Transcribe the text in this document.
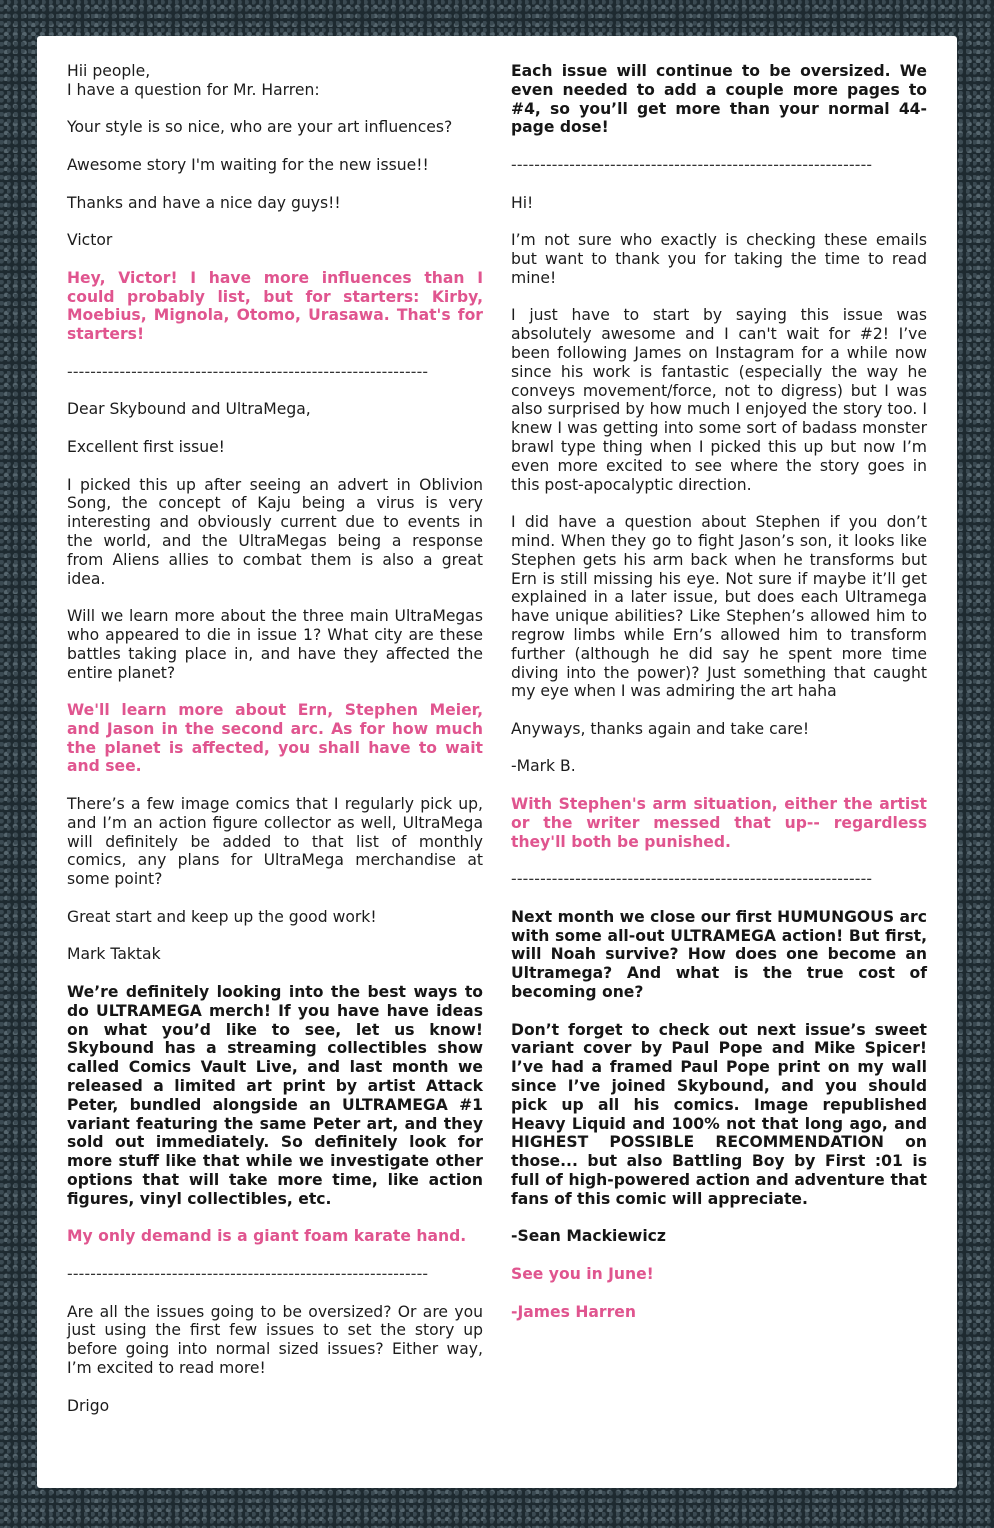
Hii people,

I have a question for Mr. Harren:

Your style is so nice, who are your art influences?

Awesome story I'm waiting for the new issue!!

Thanks and have a nice day guys!!

Victor

Hey, Victor! I have more influences than I could probably list, but for starters: Kirby, Moebius, Mignola, Otomo, Urasawa. That's for starters!

--------------------------------------------------------------

Dear Skybound and UltraMega,

Excellent first issue!

I picked this up after seeing an advert in Oblivion Song, the concept of Kaju being a virus is very interesting and obviously current due to events in the world, and the UltraMegas being a response from Aliens allies to combat them is also a great idea.

Will we learn more about the three main UltraMegas who appeared to die in issue 1? What city are these battles taking place in, and have they affected the entire planet?

We'll learn more about Ern, Stephen Meier, and Jason in the second arc. As for how much the planet is affected, you shall have to wait and see.

There’s a few image comics that I regularly pick up, and I’m an action figure collector as well, UltraMega will definitely be added to that list of monthly comics, any plans for UltraMega merchandise at some point?

Great start and keep up the good work!

Mark Taktak

We’re definitely looking into the best ways to do ULTRAMEGA merch! If you have have ideas on what you’d like to see, let us know! Skybound has a streaming collectibles show called Comics Vault Live, and last month we released a limited art print by artist Attack Peter, bundled alongside an ULTRAMEGA #1 variant featuring the same Peter art, and they sold out immediately. So definitely look for more stuff like that while we investigate other options that will take more time, like action figures, vinyl collectibles, etc.

My only demand is a giant foam karate hand.

--------------------------------------------------------------

Are all the issues going to be oversized? Or are you just using the first few issues to set the story up before going into normal sized issues? Either way, I’m excited to read more!

Drigo

Each issue will continue to be oversized. We even needed to add a couple more pages to #4, so you’ll get more than your normal 44-page dose!

--------------------------------------------------------------

Hi!

I’m not sure who exactly is checking these emails but want to thank you for taking the time to read mine!

I just have to start by saying this issue was absolutely awesome and I can't wait for #2! I’ve been following James on Instagram for a while now since his work is fantastic (especially the way he conveys movement/force, not to digress) but I was also surprised by how much I enjoyed the story too. I knew I was getting into some sort of badass monster brawl type thing when I picked this up but now I’m even more excited to see where the story goes in this post-apocalyptic direction.

I did have a question about Stephen if you don’t mind. When they go to fight Jason’s son, it looks like Stephen gets his arm back when he transforms but Ern is still missing his eye. Not sure if maybe it’ll get explained in a later issue, but does each Ultramega have unique abilities? Like Stephen’s allowed him to regrow limbs while Ern’s allowed him to transform further (although he did say he spent more time diving into the power)? Just something that caught my eye when I was admiring the art haha

Anyways, thanks again and take care!

-Mark B.

With Stephen's arm situation, either the artist or the writer messed that up-- regardless they'll both be punished.

--------------------------------------------------------------

Next month we close our first HUMUNGOUS arc with some all-out ULTRAMEGA action! But first, will Noah survive? How does one become an Ultramega? And what is the true cost of becoming one?

Don’t forget to check out next issue’s sweet variant cover by Paul Pope and Mike Spicer! I’ve had a framed Paul Pope print on my wall since I’ve joined Skybound, and you should pick up all his comics. Image republished Heavy Liquid and 100% not that long ago, and HIGHEST POSSIBLE RECOMMENDATION on those... but also Battling Boy by First :01 is full of high-powered action and adventure that fans of this comic will appreciate.

-Sean Mackiewicz

See you in June!

-James Harren
